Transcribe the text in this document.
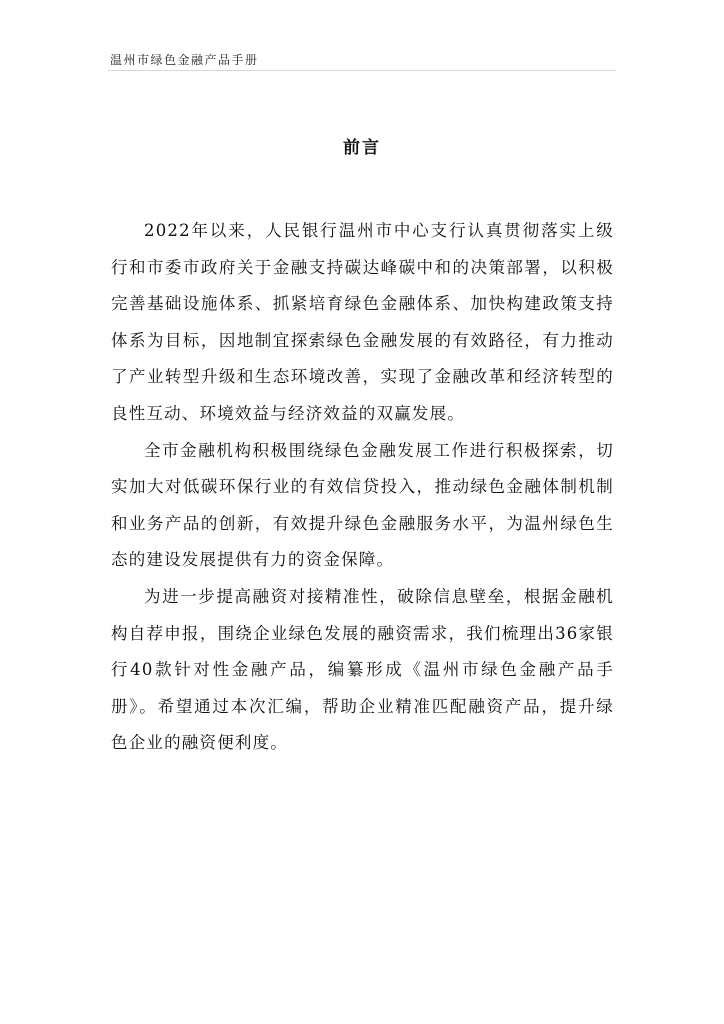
温州市绿色金融产品手册
前言

2022年以来，人民银行温州市中心支行认真贯彻落实上级行和市委市政府关于金融支持碳达峰碳中和的决策部署，以积极完善基础设施体系、抓紧培育绿色金融体系、加快构建政策支持体系为目标，因地制宜探索绿色金融发展的有效路径，有力推动了产业转型升级和生态环境改善，实现了金融改革和经济转型的良性互动、环境效益与经济效益的双赢发展。

全市金融机构积极围绕绿色金融发展工作进行积极探索，切实加大对低碳环保行业的有效信贷投入，推动绿色金融体制机制和业务产品的创新，有效提升绿色金融服务水平，为温州绿色生态的建设发展提供有力的资金保障。

为进一步提高融资对接精准性，破除信息壁垒，根据金融机构自荐申报，围绕企业绿色发展的融资需求，我们梳理出36家银行40款针对性金融产品，编纂形成《温州市绿色金融产品手册》。希望通过本次汇编，帮助企业精准匹配融资产品，提升绿色企业的融资便利度。
